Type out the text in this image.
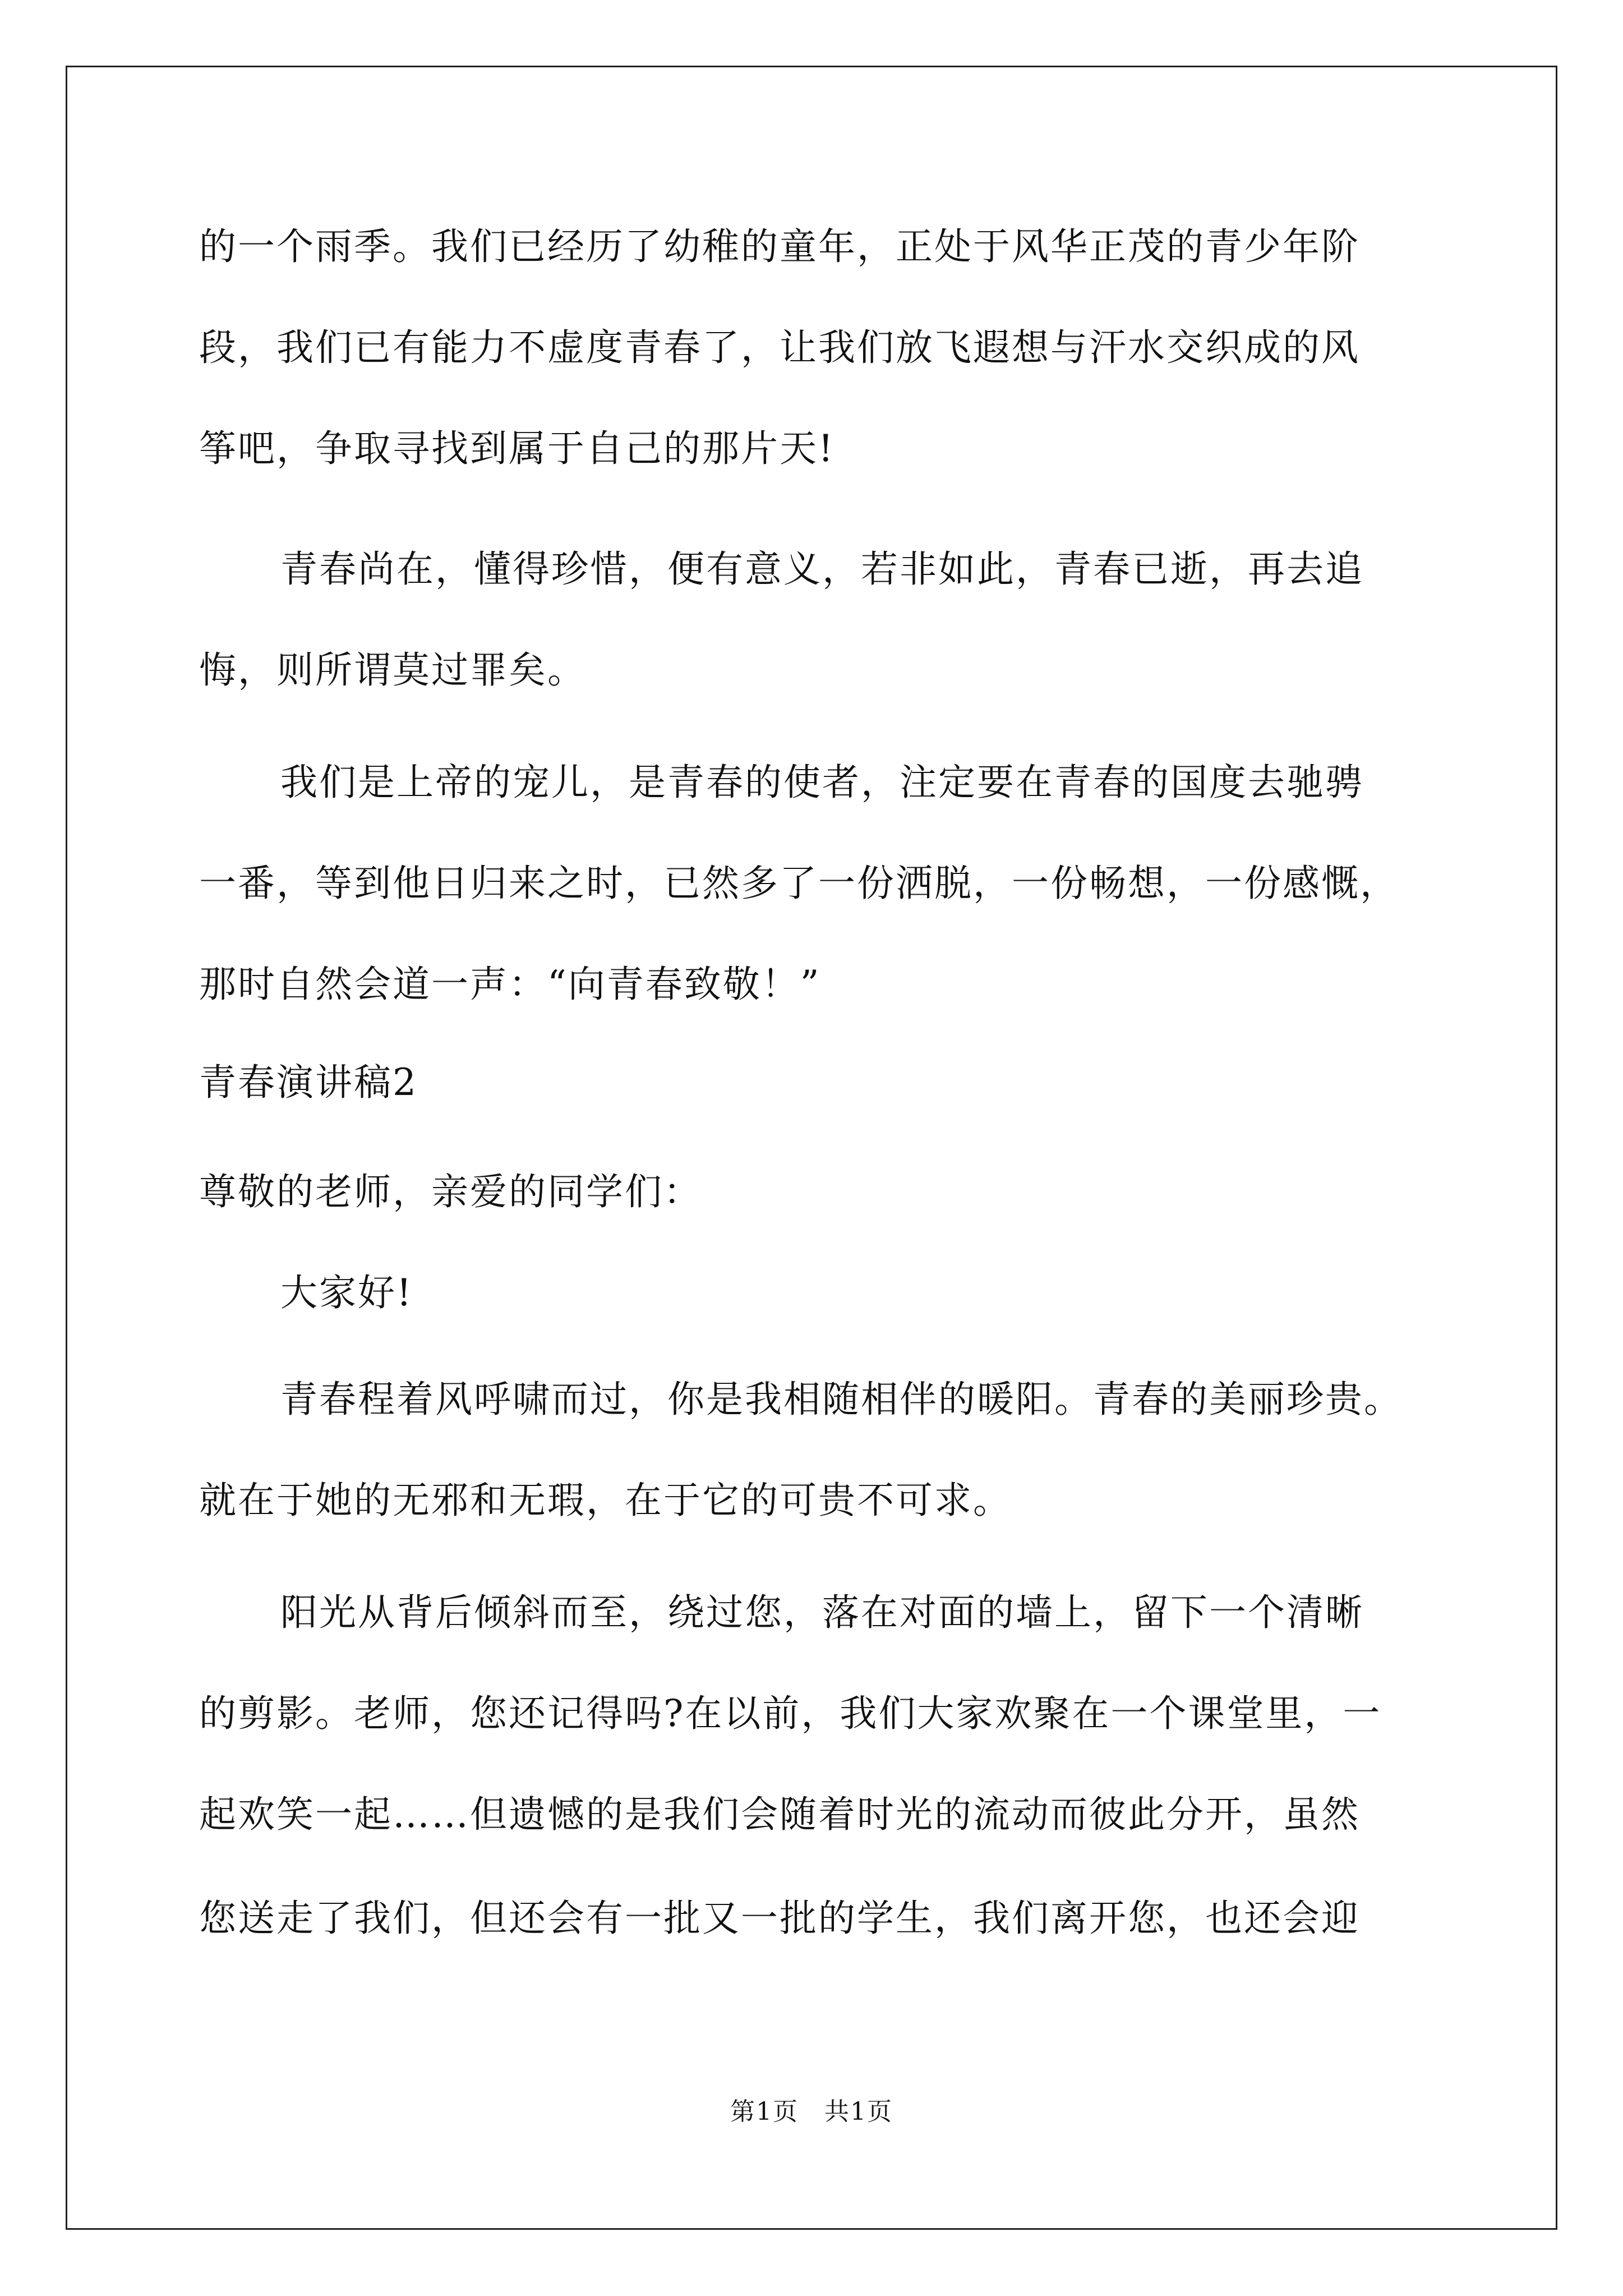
的一个雨季。我们已经历了幼稚的童年，正处于风华正茂的青少年阶
段，我们已有能力不虚度青春了，让我们放飞遐想与汗水交织成的风
筝吧，争取寻找到属于自己的那片天!
青春尚在，懂得珍惜，便有意义，若非如此，青春已逝，再去追
悔，则所谓莫过罪矣。
我们是上帝的宠儿，是青春的使者，注定要在青春的国度去驰骋
一番，等到他日归来之时，已然多了一份洒脱，一份畅想，一份感慨，
那时自然会道一声：“向青春致敬！”
青春演讲稿2
尊敬的老师，亲爱的同学们：
大家好!
青春程着风呼啸而过，你是我相随相伴的暖阳。青春的美丽珍贵。
就在于她的无邪和无瑕，在于它的可贵不可求。
阳光从背后倾斜而至，绕过您，落在对面的墙上，留下一个清晰
的剪影。老师，您还记得吗?在以前，我们大家欢聚在一个课堂里，一
起欢笑一起……但遗憾的是我们会随着时光的流动而彼此分开，虽然
您送走了我们，但还会有一批又一批的学生，我们离开您，也还会迎
第1页　共1页
